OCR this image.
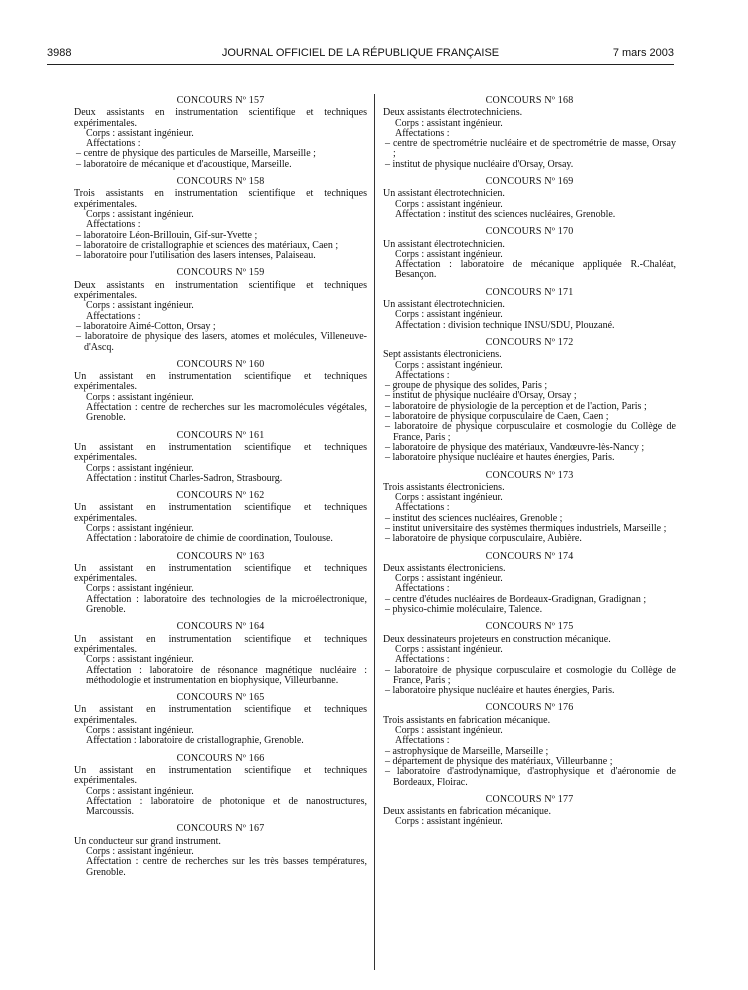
3988	JOURNAL OFFICIEL DE LA RÉPUBLIQUE FRANÇAISE	7 mars 2003
CONCOURS Nº 157
Deux assistants en instrumentation scientifique et techniques expérimentales.
Corps : assistant ingénieur.
Affectations :
– centre de physique des particules de Marseille, Marseille ;
– laboratoire de mécanique et d'acoustique, Marseille.
CONCOURS Nº 158
Trois assistants en instrumentation scientifique et techniques expérimentales.
Corps : assistant ingénieur.
Affectations :
– laboratoire Léon-Brillouin, Gif-sur-Yvette ;
– laboratoire de cristallographie et sciences des matériaux, Caen ;
– laboratoire pour l'utilisation des lasers intenses, Palaiseau.
CONCOURS Nº 159
Deux assistants en instrumentation scientifique et techniques expérimentales.
Corps : assistant ingénieur.
Affectations :
– laboratoire Aimé-Cotton, Orsay ;
– laboratoire de physique des lasers, atomes et molécules, Villeneuve-d'Ascq.
CONCOURS Nº 160
Un assistant en instrumentation scientifique et techniques expérimentales.
Corps : assistant ingénieur.
Affectation : centre de recherches sur les macromolécules végétales, Grenoble.
CONCOURS Nº 161
Un assistant en instrumentation scientifique et techniques expérimentales.
Corps : assistant ingénieur.
Affectation : institut Charles-Sadron, Strasbourg.
CONCOURS Nº 162
Un assistant en instrumentation scientifique et techniques expérimentales.
Corps : assistant ingénieur.
Affectation : laboratoire de chimie de coordination, Toulouse.
CONCOURS Nº 163
Un assistant en instrumentation scientifique et techniques expérimentales.
Corps : assistant ingénieur.
Affectation : laboratoire des technologies de la microélectronique, Grenoble.
CONCOURS Nº 164
Un assistant en instrumentation scientifique et techniques expérimentales.
Corps : assistant ingénieur.
Affectation : laboratoire de résonance magnétique nucléaire : méthodologie et instrumentation en biophysique, Villeurbanne.
CONCOURS Nº 165
Un assistant en instrumentation scientifique et techniques expérimentales.
Corps : assistant ingénieur.
Affectation : laboratoire de cristallographie, Grenoble.
CONCOURS Nº 166
Un assistant en instrumentation scientifique et techniques expérimentales.
Corps : assistant ingénieur.
Affectation : laboratoire de photonique et de nanostructures, Marcoussis.
CONCOURS Nº 167
Un conducteur sur grand instrument.
Corps : assistant ingénieur.
Affectation : centre de recherches sur les très basses températures, Grenoble.
CONCOURS Nº 168
Deux assistants électrotechniciens.
Corps : assistant ingénieur.
Affectations :
– centre de spectrométrie nucléaire et de spectrométrie de masse, Orsay ;
– institut de physique nucléaire d'Orsay, Orsay.
CONCOURS Nº 169
Un assistant électrotechnicien.
Corps : assistant ingénieur.
Affectation : institut des sciences nucléaires, Grenoble.
CONCOURS Nº 170
Un assistant électrotechnicien.
Corps : assistant ingénieur.
Affectation : laboratoire de mécanique appliquée R.-Chaléat, Besançon.
CONCOURS Nº 171
Un assistant électrotechnicien.
Corps : assistant ingénieur.
Affectation : division technique INSU/SDU, Plouzané.
CONCOURS Nº 172
Sept assistants électroniciens.
Corps : assistant ingénieur.
Affectations :
– groupe de physique des solides, Paris ;
– institut de physique nucléaire d'Orsay, Orsay ;
– laboratoire de physiologie de la perception et de l'action, Paris ;
– laboratoire de physique corpusculaire de Caen, Caen ;
– laboratoire de physique corpusculaire et cosmologie du Collège de France, Paris ;
– laboratoire de physique des matériaux, Vandœuvre-lès-Nancy ;
– laboratoire physique nucléaire et hautes énergies, Paris.
CONCOURS Nº 173
Trois assistants électroniciens.
Corps : assistant ingénieur.
Affectations :
– institut des sciences nucléaires, Grenoble ;
– institut universitaire des systèmes thermiques industriels, Marseille ;
– laboratoire de physique corpusculaire, Aubière.
CONCOURS Nº 174
Deux assistants électroniciens.
Corps : assistant ingénieur.
Affectations :
– centre d'études nucléaires de Bordeaux-Gradignan, Gradignan ;
– physico-chimie moléculaire, Talence.
CONCOURS Nº 175
Deux dessinateurs projeteurs en construction mécanique.
Corps : assistant ingénieur.
Affectations :
– laboratoire de physique corpusculaire et cosmologie du Collège de France, Paris ;
– laboratoire physique nucléaire et hautes énergies, Paris.
CONCOURS Nº 176
Trois assistants en fabrication mécanique.
Corps : assistant ingénieur.
Affectations :
– astrophysique de Marseille, Marseille ;
– département de physique des matériaux, Villeurbanne ;
– laboratoire d'astrodynamique, d'astrophysique et d'aéronomie de Bordeaux, Floirac.
CONCOURS Nº 177
Deux assistants en fabrication mécanique.
Corps : assistant ingénieur.
